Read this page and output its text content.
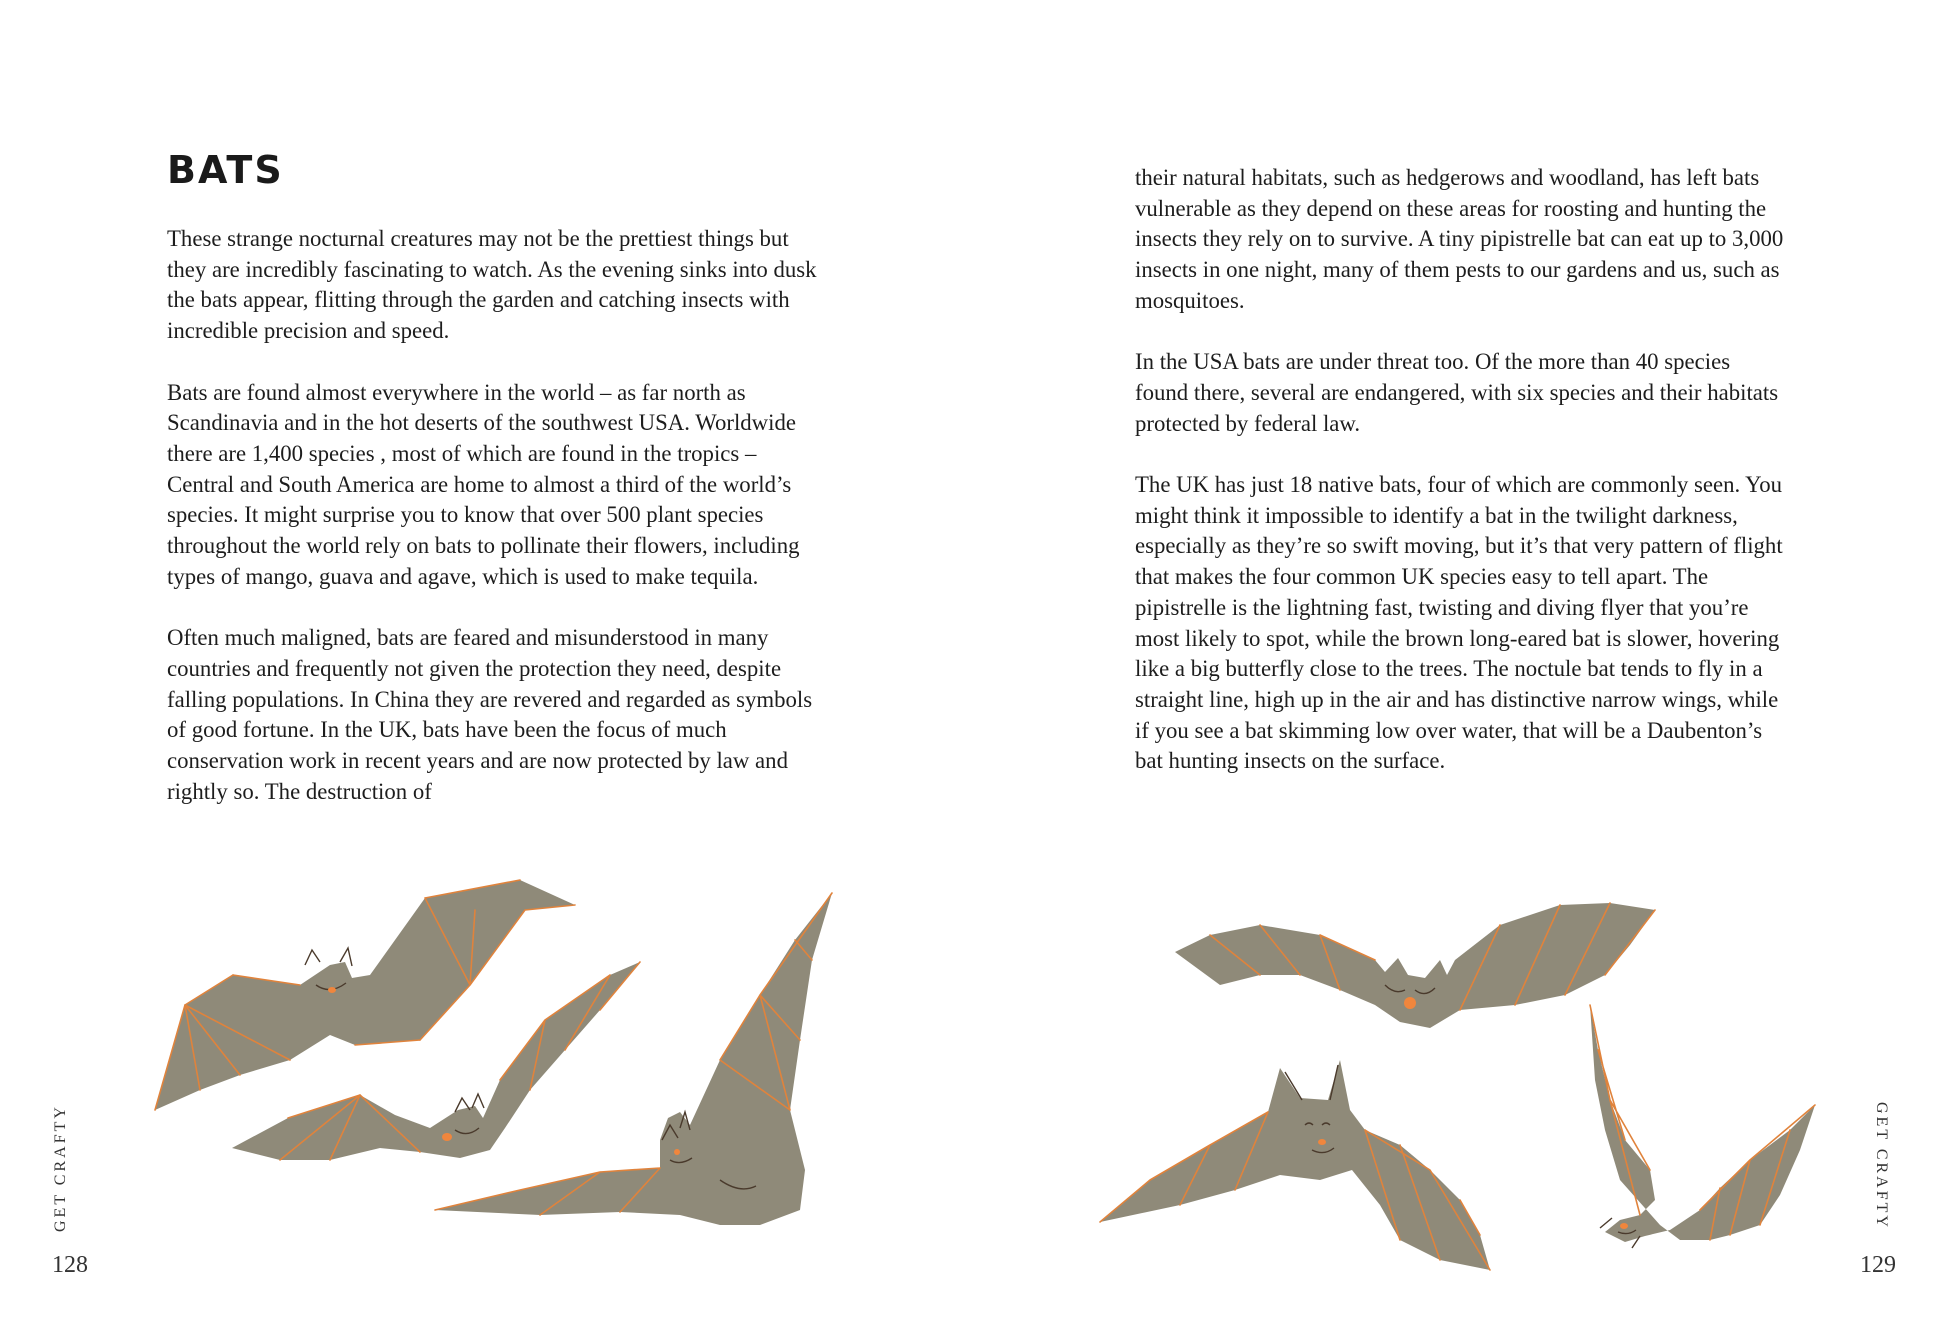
BATS

These strange nocturnal creatures may not be the prettiest things but they are incredibly fascinating to watch. As the evening sinks into dusk the bats appear, flitting through the garden and catching insects with incredible precision and speed.

Bats are found almost everywhere in the world – as far north as Scandinavia and in the hot deserts of the southwest USA. Worldwide there are 1,400 species , most of which are found in the tropics – Central and South America are home to almost a third of the world’s species. It might surprise you to know that over 500 plant species throughout the world rely on bats to pollinate their flowers, including types of mango, guava and agave, which is used to make tequila.

Often much maligned, bats are feared and misunderstood in many countries and frequently not given the protection they need, despite falling populations. In China they are revered and regarded as symbols of good fortune. In the UK, bats have been the focus of much conservation work in recent years and are now protected by law and rightly so. The destruction of

GET CRAFTY
128

their natural habitats, such as hedgerows and woodland, has left bats vulnerable as they depend on these areas for roosting and hunting the insects they rely on to survive. A tiny pipistrelle bat can eat up to 3,000 insects in one night, many of them pests to our gardens and us, such as mosquitoes.

In the USA bats are under threat too. Of the more than 40 species found there, several are endangered, with six species and their habitats protected by federal law.

The UK has just 18 native bats, four of which are commonly seen. You might think it impossible to identify a bat in the twilight darkness, especially as they’re so swift moving, but it’s that very pattern of flight that makes the four common UK species easy to tell apart. The pipistrelle is the lightning fast, twisting and diving flyer that you’re most likely to spot, while the brown long-eared bat is slower, hovering like a big butterfly close to the trees. The noctule bat tends to fly in a straight line, high up in the air and has distinctive narrow wings, while if you see a bat skimming low over water, that will be a Daubenton’s bat hunting insects on the surface.

GET CRAFTY
129
